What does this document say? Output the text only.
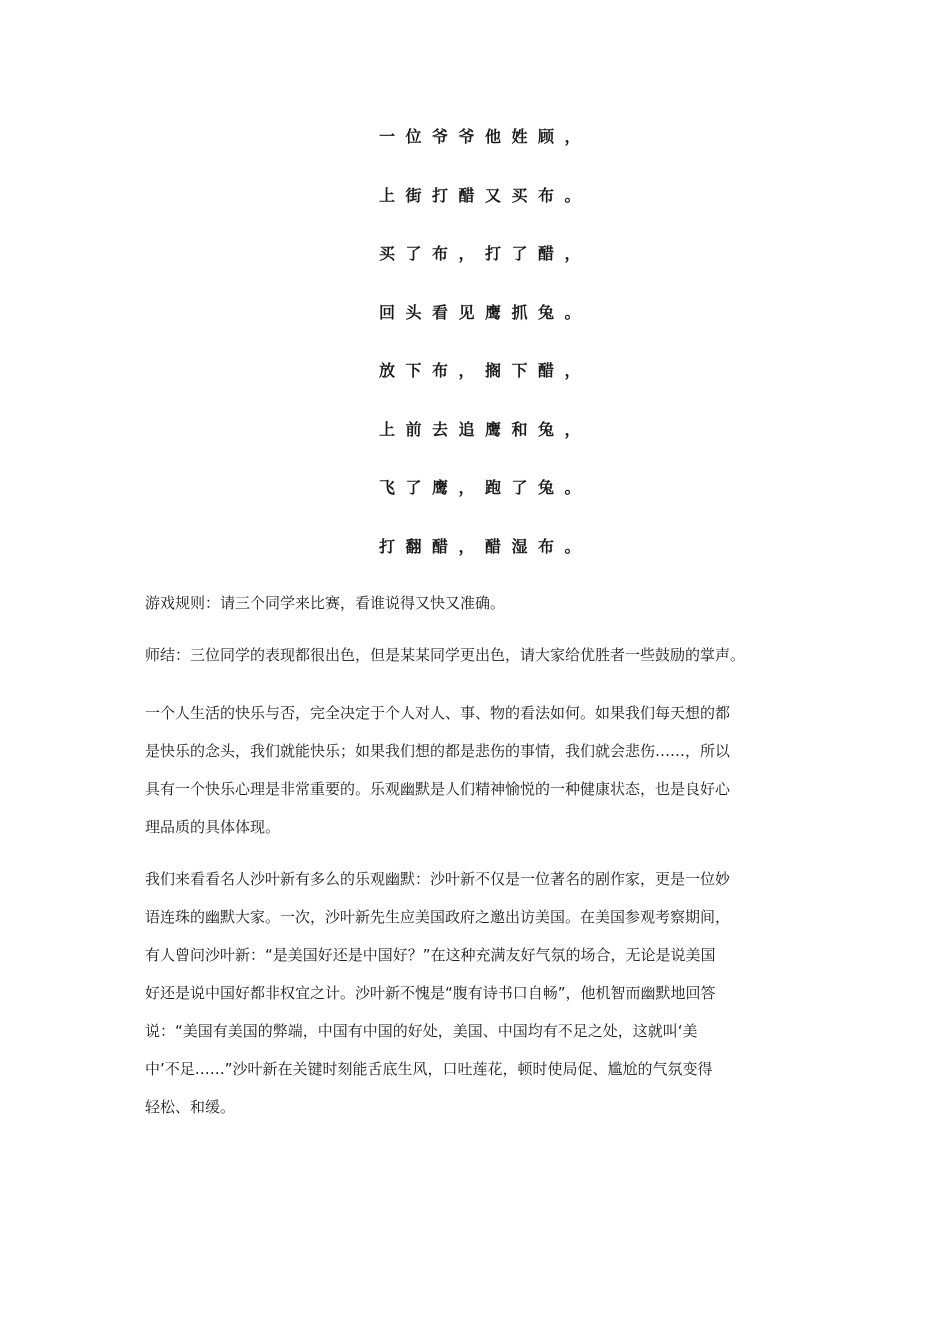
一位爷爷他姓顾，
上街打醋又买布。
买了布，打了醋，
回头看见鹰抓兔。
放下布，搁下醋，
上前去追鹰和兔，
飞了鹰，跑了兔。
打翻醋，醋湿布。

游戏规则：请三个同学来比赛，看谁说得又快又准确。

师结：三位同学的表现都很出色，但是某某同学更出色，请大家给优胜者一些鼓励的掌声。

一个人生活的快乐与否，完全决定于个人对人、事、物的看法如何。如果我们每天想的都
是快乐的念头，我们就能快乐；如果我们想的都是悲伤的事情，我们就会悲伤……，所以
具有一个快乐心理是非常重要的。乐观幽默是人们精神愉悦的一种健康状态，也是良好心
理品质的具体体现。
我们来看看名人沙叶新有多么的乐观幽默：沙叶新不仅是一位著名的剧作家，更是一位妙
语连珠的幽默大家。一次，沙叶新先生应美国政府之邀出访美国。在美国参观考察期间，
有人曾问沙叶新：“是美国好还是中国好？”在这种充满友好气氛的场合，无论是说美国
好还是说中国好都非权宜之计。沙叶新不愧是“腹有诗书口自畅”，他机智而幽默地回答
说：“美国有美国的弊端，中国有中国的好处，美国、中国均有不足之处，这就叫‘美
中’不足……”沙叶新在关键时刻能舌底生风，口吐莲花，顿时使局促、尴尬的气氛变得
轻松、和缓。
